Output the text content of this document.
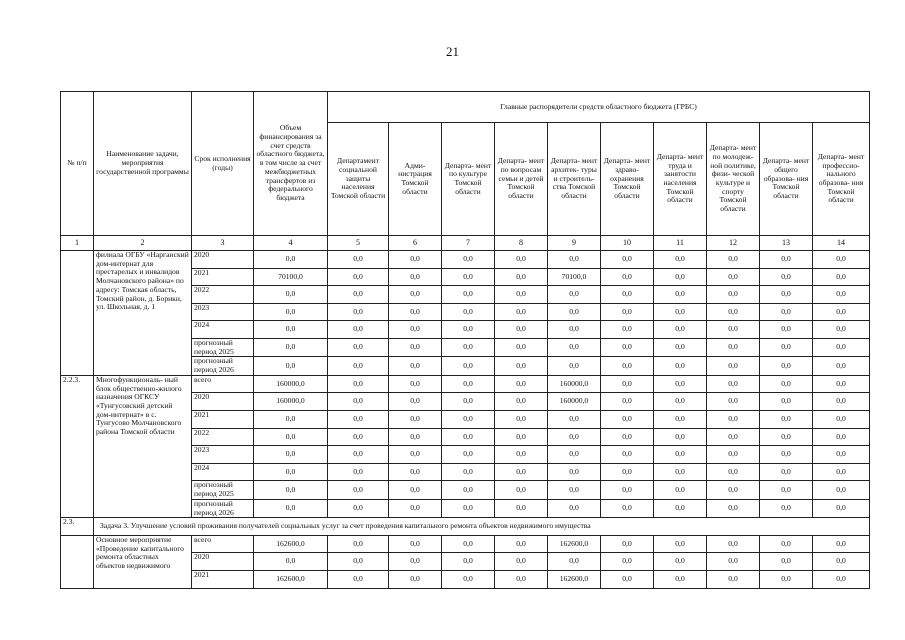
21
№ п/п	Наименование задачи, мероприятия государственной программы	Срок исполнения (годы)	Объем финансирования за счет средств областного бюджета, в том числе за счет межбюджетных трансфертов из федерального бюджета	Главные распорядители средств областного бюджета (ГРБС)									
				Департамент социальной защиты населения Томской области	Адми- нистрация Томской области	Департа- мент по культуре Томской области	Департа- мент по вопросам семьи и детей Томской области	Департа- мент архитек- туры и строитель- ства Томской области	Департа- мент здраво- охранения Томской области	Департа- мент труда и занятости населения Томской области	Департа- мент по молодеж- ной политике, физи- ческой культуре и спорту Томской области	Департа- мент общего образова- ния Томской области	Департа- мент профессио- нального образова- ния Томской области
1	2	3	4	5	6	7	8	9	10	11	12	13	14
	филиала ОГБУ «Нарганский дом-интернат для престарелых и инвалидов Молчановского района» по адресу: Томская область, Томский район, д. Борики, ул. Школьная, д. 1	2020	0,0	0,0	0,0	0,0	0,0	0,0	0,0	0,0	0,0	0,0	0,0
		2021	70100,0	0,0	0,0	0,0	0,0	70100,0	0,0	0,0	0,0	0,0	0,0
		2022	0,0	0,0	0,0	0,0	0,0	0,0	0,0	0,0	0,0	0,0	0,0
		2023	0,0	0,0	0,0	0,0	0,0	0,0	0,0	0,0	0,0	0,0	0,0
		2024	0,0	0,0	0,0	0,0	0,0	0,0	0,0	0,0	0,0	0,0	0,0
		прогнозный период 2025	0,0	0,0	0,0	0,0	0,0	0,0	0,0	0,0	0,0	0,0	0,0
		прогнозный период 2026	0,0	0,0	0,0	0,0	0,0	0,0	0,0	0,0	0,0	0,0	0,0
2.2.3.	Многофункциональ- ный блок общественно-жилого назначения ОГКСУ «Тунгусовский детский дом-интернат» в с. Тунгусово Молчановского района Томской области	всего	160000,0	0,0	0,0	0,0	0,0	160000,0	0,0	0,0	0,0	0,0	0,0
		2020	160000,0	0,0	0,0	0,0	0,0	160000,0	0,0	0,0	0,0	0,0	0,0
		2021	0,0	0,0	0,0	0,0	0,0	0,0	0,0	0,0	0,0	0,0	0,0
		2022	0,0	0,0	0,0	0,0	0,0	0,0	0,0	0,0	0,0	0,0	0,0
		2023	0,0	0,0	0,0	0,0	0,0	0,0	0,0	0,0	0,0	0,0	0,0
		2024	0,0	0,0	0,0	0,0	0,0	0,0	0,0	0,0	0,0	0,0	0,0
		прогнозный период 2025	0,0	0,0	0,0	0,0	0,0	0,0	0,0	0,0	0,0	0,0	0,0
		прогнозный период 2026	0,0	0,0	0,0	0,0	0,0	0,0	0,0	0,0	0,0	0,0	0,0
2.3.	Задача 3. Улучшение условий проживания получателей социальных услуг за счет проведения капитального ремонта объектов недвижимого имущества												
	Основное мероприятие «Проведение капитального ремонта областных объектов недвижимого	всего	162600,0	0,0	0,0	0,0	0,0	162600,0	0,0	0,0	0,0	0,0	0,0
		2020	0,0	0,0	0,0	0,0	0,0	0,0	0,0	0,0	0,0	0,0	0,0
		2021	162600,0	0,0	0,0	0,0	0,0	162600,0	0,0	0,0	0,0	0,0	0,0
